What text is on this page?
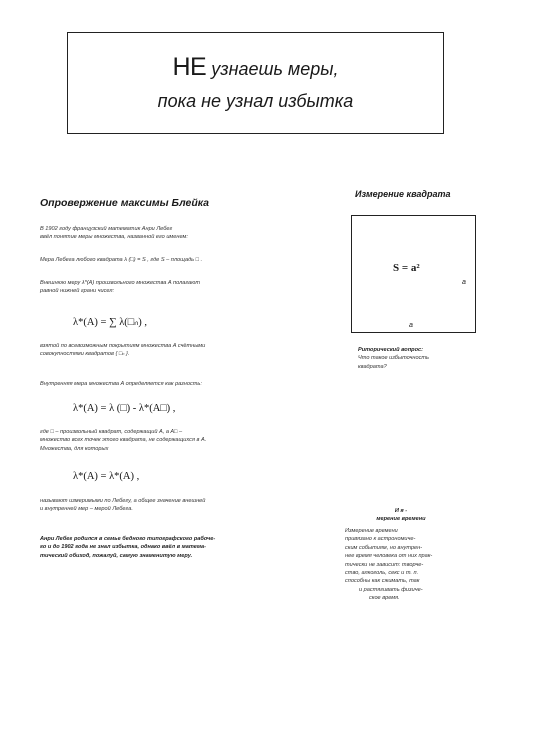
НЕ узнаешь меры,
пока не узнал избытка
Опровержение максимы Блейка
В 1902 году французский математик Анри Лебег
ввёл понятие меры множества, названной его именем:
Мера Лебега любого квадрата λ (□) = S , где S – площадь □ .
Внешнюю меру λ*(A) произвольного множества A полагают
равной нижней грани чисел:
λ*(A) = ∑ λ(□ₙ) ,
взятой по всевозможным покрытиям множества A счётными
совокупностями квадратов { □ₙ }.
Внутренняя мера множества A определяется как разность:
λ*(A) = λ (□) - λ*(A□) ,
где □ – произвольный квадрат, содержащий A, a A□ –
множество всех точек этого квадрата, не содержащихся в A.
Множества, для которых
λ*(A) = λ*(A) ,
называют измеримыми по Лебегу, а общее значение внешней
и внутренней мер – мерой Лебега.
Анри Лебег родился в семье бедного типографского рабоче-
го и до 1902 года не знал избытка, однако ввёл в матема-
тический обиход, пожалуй, самую знаменитую меру.
Измерение квадрата
S = a²
a
a
Риторический вопрос:
Что такое избыточность
квадрата?
И я -
мерение времени
Измерение времени
привязано к астрономиче-
ским событиям, но внутрен-
нее время человека от них прак-
тически не зависит: творче-
ство, алкоголь, секс и т. п.
способны как сжимать, так
и растягивать физиче-
ское время.
